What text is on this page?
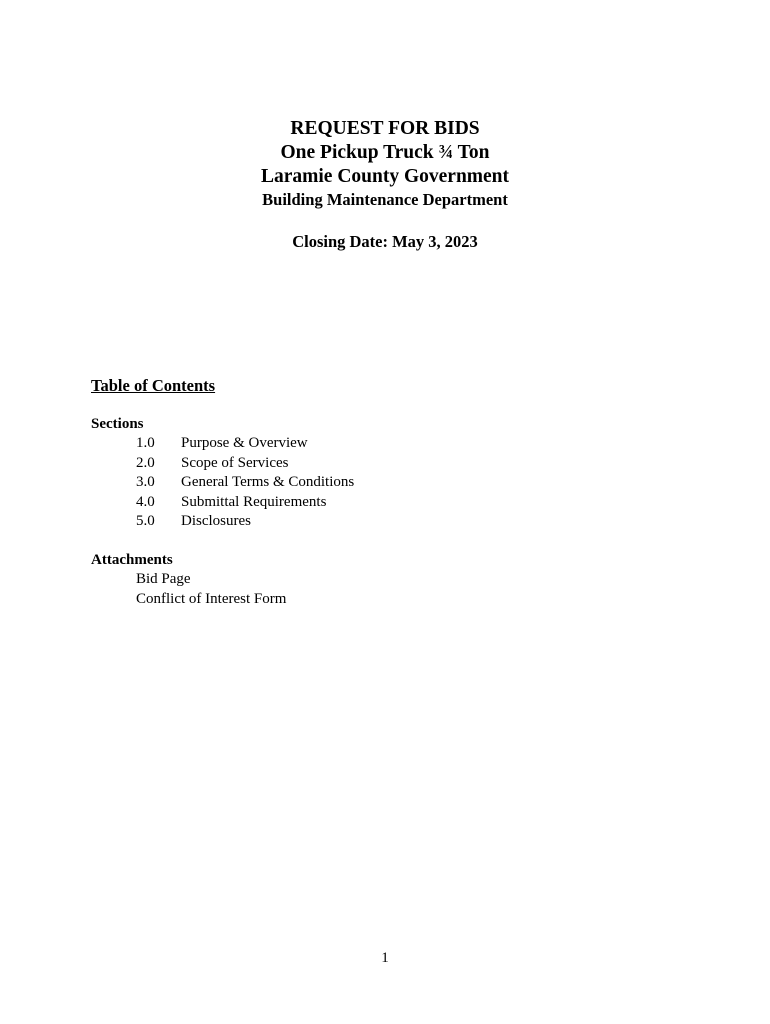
REQUEST FOR BIDS
One Pickup Truck ¾ Ton
Laramie County Government
Building Maintenance Department
Closing Date: May 3, 2023
Table of Contents
Sections
1.0 Purpose & Overview
2.0 Scope of Services
3.0 General Terms & Conditions
4.0 Submittal Requirements
5.0 Disclosures
Attachments
Bid Page
Conflict of Interest Form
1
